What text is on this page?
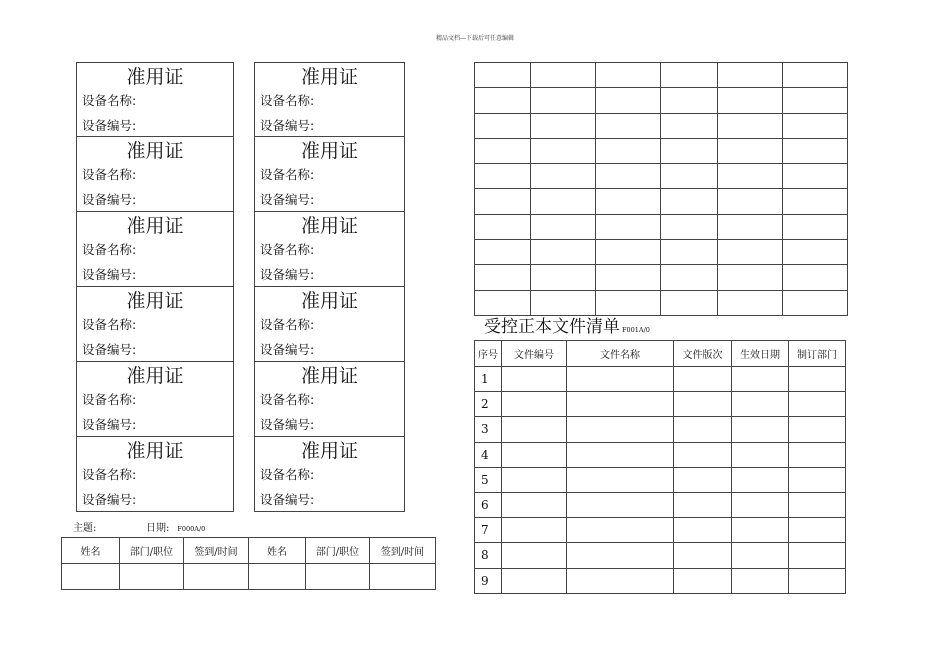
精品文档---下载后可任意编辑
准用证
设备名称:
设备编号:
准用证
设备名称:
设备编号:
准用证
设备名称:
设备编号:
准用证
设备名称:
设备编号:
准用证
设备名称:
设备编号:
准用证
设备名称:
设备编号:
准用证
设备名称:
设备编号:
准用证
设备名称:
设备编号:
准用证
设备名称:
设备编号:
准用证
设备名称:
设备编号:
准用证
设备名称:
设备编号:
准用证
设备名称:
设备编号:
主题:	日期: F000A/0
姓名	部门/职位	签到/时间	姓名	部门/职位	签到/时间

受控正本文件清单 F001A/0
序号	文件编号	文件名称	文件版次	生效日期	制订部门
1					
2					
3					
4					
5					
6					
7					
8					
9					
